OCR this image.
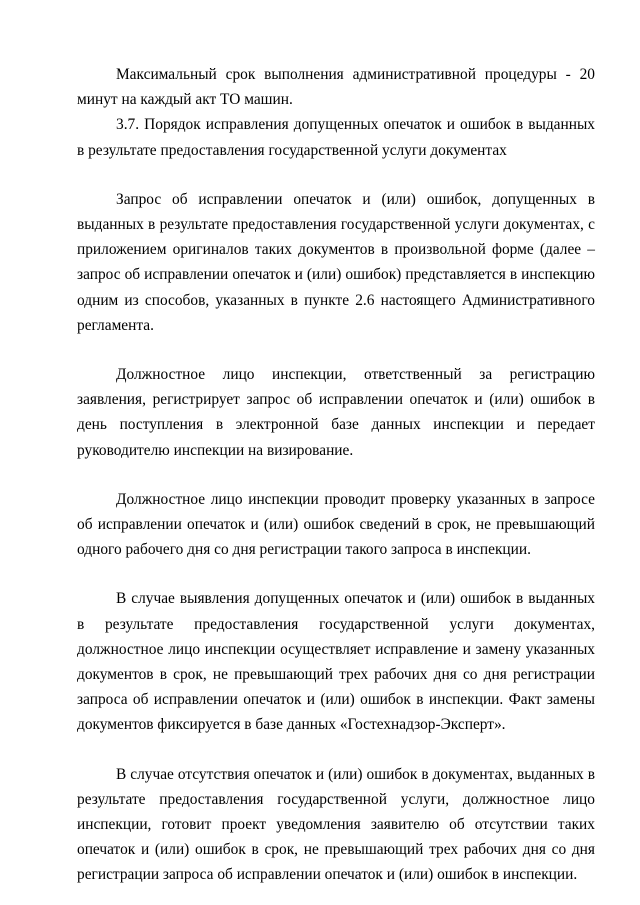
Максимальный срок выполнения административной процедуры - 20 минут на каждый акт ТО машин.

3.7. Порядок исправления допущенных опечаток и ошибок в выданных в результате предоставления государственной услуги документах

Запрос об исправлении опечаток и (или) ошибок, допущенных в выданных в результате предоставления государственной услуги документах, с приложением оригиналов таких документов в произвольной форме (далее – запрос об исправлении опечаток и (или) ошибок) представляется в инспекцию одним из способов, указанных в пункте 2.6 настоящего Административного регламента.

Должностное лицо инспекции, ответственный за регистрацию заявления, регистрирует запрос об исправлении опечаток и (или) ошибок в день поступления в электронной базе данных инспекции и передает руководителю инспекции на визирование.

Должностное лицо инспекции проводит проверку указанных в запросе об исправлении опечаток и (или) ошибок сведений в срок, не превышающий одного рабочего дня со дня регистрации такого запроса в инспекции.

В случае выявления допущенных опечаток и (или) ошибок в выданных в результате предоставления государственной услуги документах, должностное лицо инспекции осуществляет исправление и замену указанных документов в срок, не превышающий трех рабочих дня со дня регистрации запроса об исправлении опечаток и (или) ошибок в инспекции. Факт замены документов фиксируется в базе данных «Гостехнадзор-Эксперт».

В случае отсутствия опечаток и (или) ошибок в документах, выданных в результате предоставления государственной услуги, должностное лицо инспекции, готовит проект уведомления заявителю об отсутствии таких опечаток и (или) ошибок в срок, не превышающий трех рабочих дня со дня регистрации запроса об исправлении опечаток и (или) ошибок в инспекции.
